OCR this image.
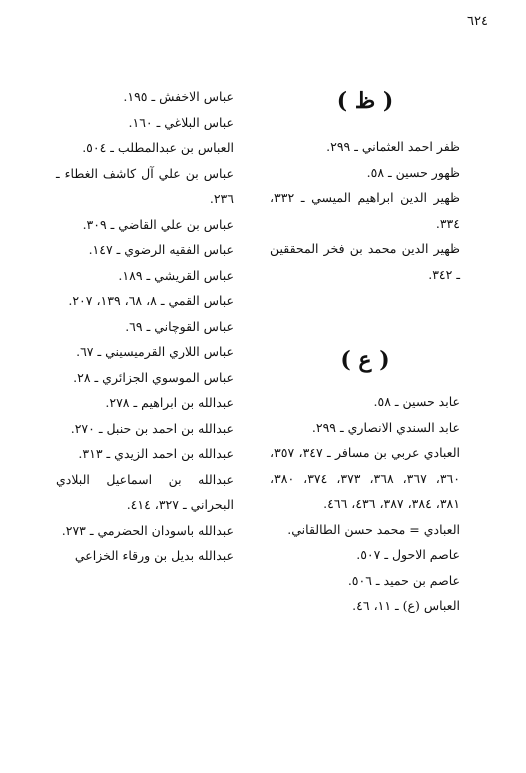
٦٢٤
( ظ )

ظفر احمد العثماني ـ ٢٩٩.

ظهور حسين ـ ٥٨.

ظهير الدين ابراهيم الميسي ـ ٣٣٢، ٣٣٤.

ظهير الدين محمد بن فخر المحققين ـ ٣٤٢.

( ع )

عابد حسين ـ ٥٨.

عابد السندي الانصاري ـ ٢٩٩.

العبادي عربي بن مسافر ـ ٣٤٧، ٣٥٧، ٣٦٠، ٣٦٧، ٣٦٨، ٣٧٣، ٣٧٤، ٣٨٠، ٣٨١، ٣٨٤، ٣٨٧، ٤٣٦، ٤٦٦.

العبادي = محمد حسن الطالقاني.

عاصم الاحول ـ ٥٠٧.

عاصم بن حميد ـ ٥٠٦.

العباس (ع) ـ ١١، ٤٦.

عباس الاخفش ـ ١٩٥.

عباس البلاغي ـ ١٦٠.

العباس بن عبدالمطلب ـ ٥٠٤.

عباس بن علي آل كاشف الغطاء ـ ٢٣٦.

عباس بن علي القاضي ـ ٣٠٩.

عباس الفقيه الرضوي ـ ١٤٧.

عباس القريشي ـ ١٨٩.

عباس القمي ـ ٨، ٦٨، ١٣٩، ٢٠٧.

عباس القوچاني ـ ٦٩.

عباس اللاري القرميسيني ـ ٦٧.

عباس الموسوي الجزائري ـ ٢٨.

عبدالله بن ابراهيم ـ ٢٧٨.

عبدالله بن احمد بن حنبل ـ ٢٧٠.

عبدالله بن احمد الزيدي ـ ٣١٣.

عبدالله بن اسماعيل البلادي البحراني ـ ٣٢٧، ٤١٤.

عبدالله باسودان الحضرمي ـ ٢٧٣.

عبدالله بديل بن ورقاء الخزاعي
